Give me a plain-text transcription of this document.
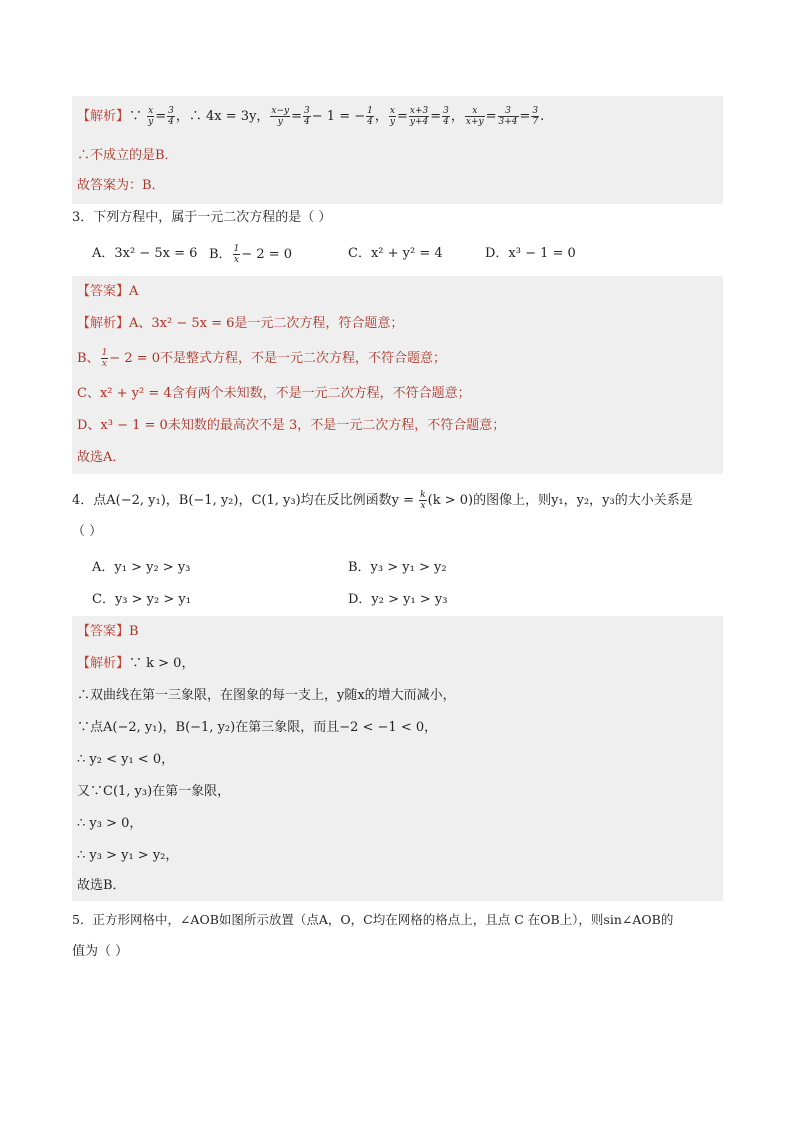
【解析】∵ $\frac{x}{y} = \frac{3}{4}$ ，∴ 4x = 3y， $\frac{x-y}{y} = \frac{3}{4} - 1$ = − $\frac{1}{4}$ ， $\frac{x}{y} = \frac{x+3}{y+4} = \frac{3}{4}$ ， $\frac{x}{x+y} = \frac{3}{3+4} = \frac{3}{7}$ .
∴不成立的是B．
故答案为：B．
3．下列方程中，属于一元二次方程的是（ ）
A．3x² − 5x = 6 B． $\frac{1}{x} - 2 = 0$	C．x² + y² = 4	D．x³ − 1 = 0
【答案】A
【解析】A、3x² − 5x = 6是一元二次方程，符合题意；
B、 $\frac{1}{x} - 2 = 0$不是整式方程，不是一元二次方程，不符合题意；
C、x² + y² = 4含有两个未知数，不是一元二次方程，不符合题意；
D、x³ − 1 = 0未知数的最高次不是 3，不是一元二次方程，不符合题意；
故选A．
4．点A(−2, y₁)，B(−1, y₂)，C(1, y₃)均在反比例函数$y = \frac{k}{x} (k > 0)$的图像上，则y₁，y₂，y₃的大小关系是
（ ）
A．y₁ > y₂ > y₃	B．y₃ > y₁ > y₂
C．y₃ > y₂ > y₁	D．y₂ > y₁ > y₃
【答案】B
【解析】∵ k > 0，
∴双曲线在第一三象限，在图象的每一支上，y随x的增大而减小，
∵点A(−2, y₁)，B(−1, y₂)在第三象限，而且−2 < −1 < 0，
∴ y₂ < y₁ < 0，
又∵C(1, y₃)在第一象限，
∴ y₃ > 0，
∴ y₃ > y₁ > y₂，
故选B．
5．正方形网格中，∠AOB如图所示放置（点A，O，C均在网格的格点上，且点 C 在OB上），则sin∠AOB的
值为（ ）
